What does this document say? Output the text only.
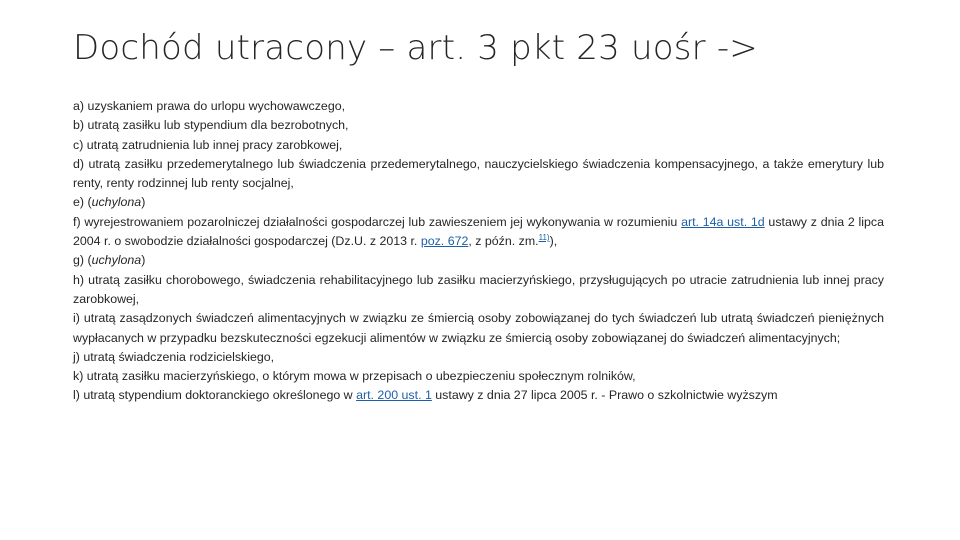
Dochód utracony – art. 3 pkt 23 uośr ->

a) uzyskaniem prawa do urlopu wychowawczego,

b) utratą zasiłku lub stypendium dla bezrobotnych,

c) utratą zatrudnienia lub innej pracy zarobkowej,

d) utratą zasiłku przedemerytalnego lub świadczenia przedemerytalnego, nauczycielskiego świadczenia kompensacyjnego, a także emerytury lub renty, renty rodzinnej lub renty socjalnej,

e) (uchylona)

f) wyrejestrowaniem pozarolniczej działalności gospodarczej lub zawieszeniem jej wykonywania w rozumieniu art. 14a ust. 1d ustawy z dnia 2 lipca 2004 r. o swobodzie działalności gospodarczej (Dz.U. z 2013 r. poz. 672, z późn. zm.$^{11)}$),

g) (uchylona)

h) utratą zasiłku chorobowego, świadczenia rehabilitacyjnego lub zasiłku macierzyńskiego, przysługujących po utracie zatrudnienia lub innej pracy zarobkowej,

i) utratą zasądzonych świadczeń alimentacyjnych w związku ze śmiercią osoby zobowiązanej do tych świadczeń lub utratą świadczeń pieniężnych wypłacanych w przypadku bezskuteczności egzekucji alimentów w związku ze śmiercią osoby zobowiązanej do świadczeń alimentacyjnych;

j) utratą świadczenia rodzicielskiego,

k) utratą zasiłku macierzyńskiego, o którym mowa w przepisach o ubezpieczeniu społecznym rolników,

l) utratą stypendium doktoranckiego określonego w art. 200 ust. 1 ustawy z dnia 27 lipca 2005 r. - Prawo o szkolnictwie wyższym
